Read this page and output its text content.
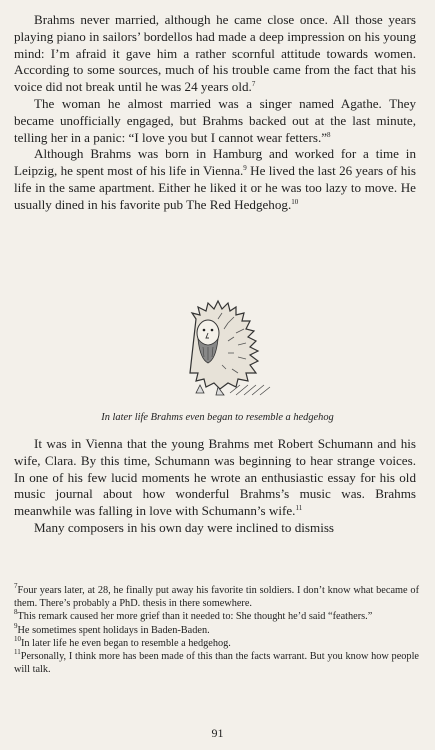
Brahms never married, although he came close once. All those years playing piano in sailors’ bordellos had made a deep impression on his young mind: I’m afraid it gave him a rather scornful attitude towards women. According to some sources, much of his trouble came from the fact that his voice did not break until he was 24 years old.$^7$

The woman he almost married was a singer named Agathe. They became unofficially engaged, but Brahms backed out at the last minute, telling her in a panic: “I love you but I cannot wear fetters.”$^8$

Although Brahms was born in Hamburg and worked for a time in Leipzig, he spent most of his life in Vienna.$^9$ He lived the last 26 years of his life in the same apartment. Either he liked it or he was too lazy to move. He usually dined in his favorite pub The Red Hedgehog.$^{10}$

In later life Brahms even began to resemble a hedgehog

It was in Vienna that the young Brahms met Robert Schumann and his wife, Clara. By this time, Schumann was beginning to hear strange voices. In one of his few lucid moments he wrote an enthusiastic essay for his old music journal about how wonderful Brahms’s music was. Brahms meanwhile was falling in love with Schumann’s wife.$^{11}$

Many composers in his own day were inclined to dismiss

$^7$Four years later, at 28, he finally put away his favorite tin soldiers. I don’t know what became of them. There’s probably a PhD. thesis in there somewhere.

$^8$This remark caused her more grief than it needed to: She thought he’d said “feathers.”

$^9$He sometimes spent holidays in Baden-Baden.

$^{10}$In later life he even began to resemble a hedgehog.

$^{11}$Personally, I think more has been made of this than the facts warrant. But you know how people will talk.

91
